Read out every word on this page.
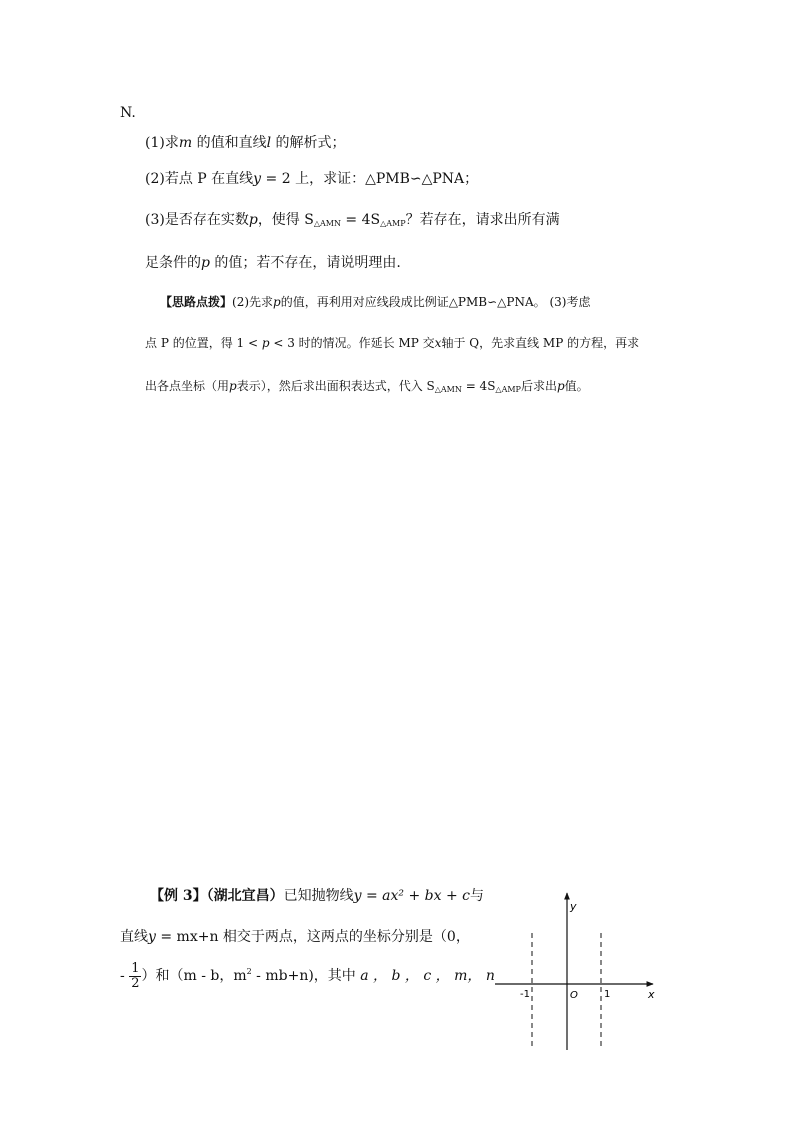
N.
(1)求m 的值和直线l 的解析式；
(2)若点 P 在直线y = 2 上，求证：△PMB∽△PNA；
(3)是否存在实数p，使得 $S_{\triangle AMN} = 4S_{\triangle AMP}$？若存在，请求出所有满
足条件的p 的值；若不存在，请说明理由.
【思路点拨】(2)先求p的值，再利用对应线段成比例证△PMB∽△PNA。 (3)考虑
点 P 的位置，得 1 < p < 3 时的情况。作延长 MP 交x轴于 Q，先求直线 MP 的方程，再求
出各点坐标（用p表示），然后求出面积表达式，代入 $S_{\triangle AMN} = 4S_{\triangle AMP}$后求出p值。
【例 3】（湖北宜昌）已知抛物线y = ax² + bx + c与
直线y = mx+n 相交于两点，这两点的坐标分别是（0，
- $\frac{1}{2}$ ）和（m - b，$m^2 - mb+n$)，其中 a ， b ， c ， m， n
y
x
O
-1	1
